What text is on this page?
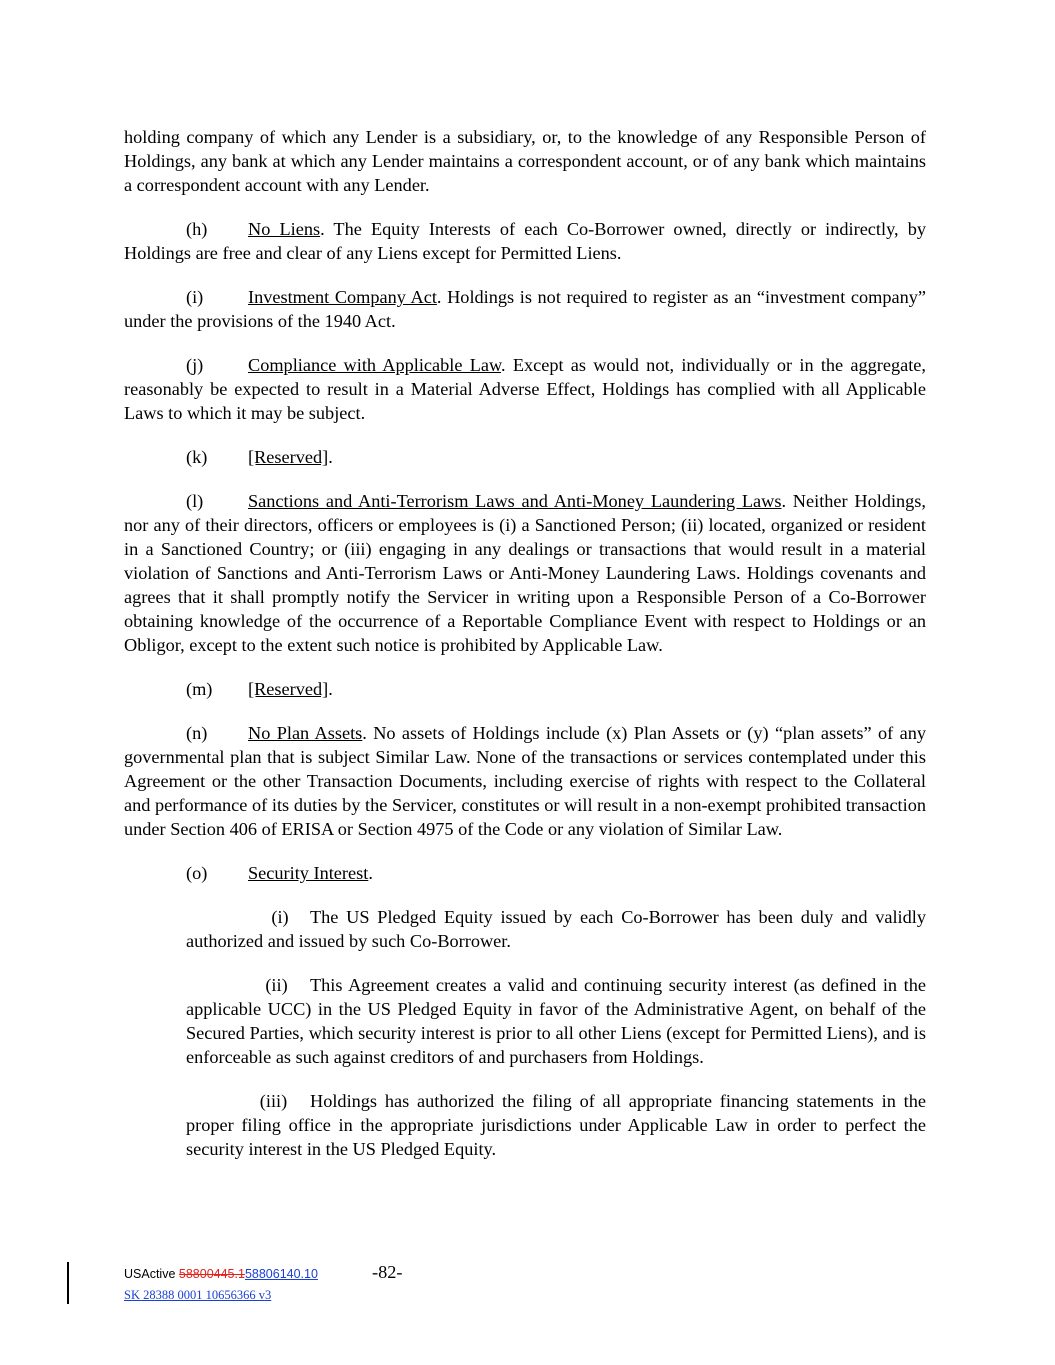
holding company of which any Lender is a subsidiary, or, to the knowledge of any Responsible Person of Holdings, any bank at which any Lender maintains a correspondent account, or of any bank which maintains a correspondent account with any Lender.

(h) No Liens. The Equity Interests of each Co-Borrower owned, directly or indirectly, by Holdings are free and clear of any Liens except for Permitted Liens.

(i) Investment Company Act. Holdings is not required to register as an “investment company” under the provisions of the 1940 Act.

(j) Compliance with Applicable Law. Except as would not, individually or in the aggregate, reasonably be expected to result in a Material Adverse Effect, Holdings has complied with all Applicable Laws to which it may be subject.

(k) [Reserved].

(l) Sanctions and Anti-Terrorism Laws and Anti-Money Laundering Laws. Neither Holdings, nor any of their directors, officers or employees is (i) a Sanctioned Person; (ii) located, organized or resident in a Sanctioned Country; or (iii) engaging in any dealings or transactions that would result in a material violation of Sanctions and Anti-Terrorism Laws or Anti-Money Laundering Laws. Holdings covenants and agrees that it shall promptly notify the Servicer in writing upon a Responsible Person of a Co-Borrower obtaining knowledge of the occurrence of a Reportable Compliance Event with respect to Holdings or an Obligor, except to the extent such notice is prohibited by Applicable Law.

(m) [Reserved].

(n) No Plan Assets. No assets of Holdings include (x) Plan Assets or (y) “plan assets” of any governmental plan that is subject Similar Law. None of the transactions or services contemplated under this Agreement or the other Transaction Documents, including exercise of rights with respect to the Collateral and performance of its duties by the Servicer, constitutes or will result in a non-exempt prohibited transaction under Section 406 of ERISA or Section 4975 of the Code or any violation of Similar Law.

(o) Security Interest.

(i) The US Pledged Equity issued by each Co-Borrower has been duly and validly authorized and issued by such Co-Borrower.

(ii) This Agreement creates a valid and continuing security interest (as defined in the applicable UCC) in the US Pledged Equity in favor of the Administrative Agent, on behalf of the Secured Parties, which security interest is prior to all other Liens (except for Permitted Liens), and is enforceable as such against creditors of and purchasers from Holdings.

(iii) Holdings has authorized the filing of all appropriate financing statements in the proper filing office in the appropriate jurisdictions under Applicable Law in order to perfect the security interest in the US Pledged Equity.

USActive 58800445.158806140.10	-82-
SK 28388 0001 10656366 v3
